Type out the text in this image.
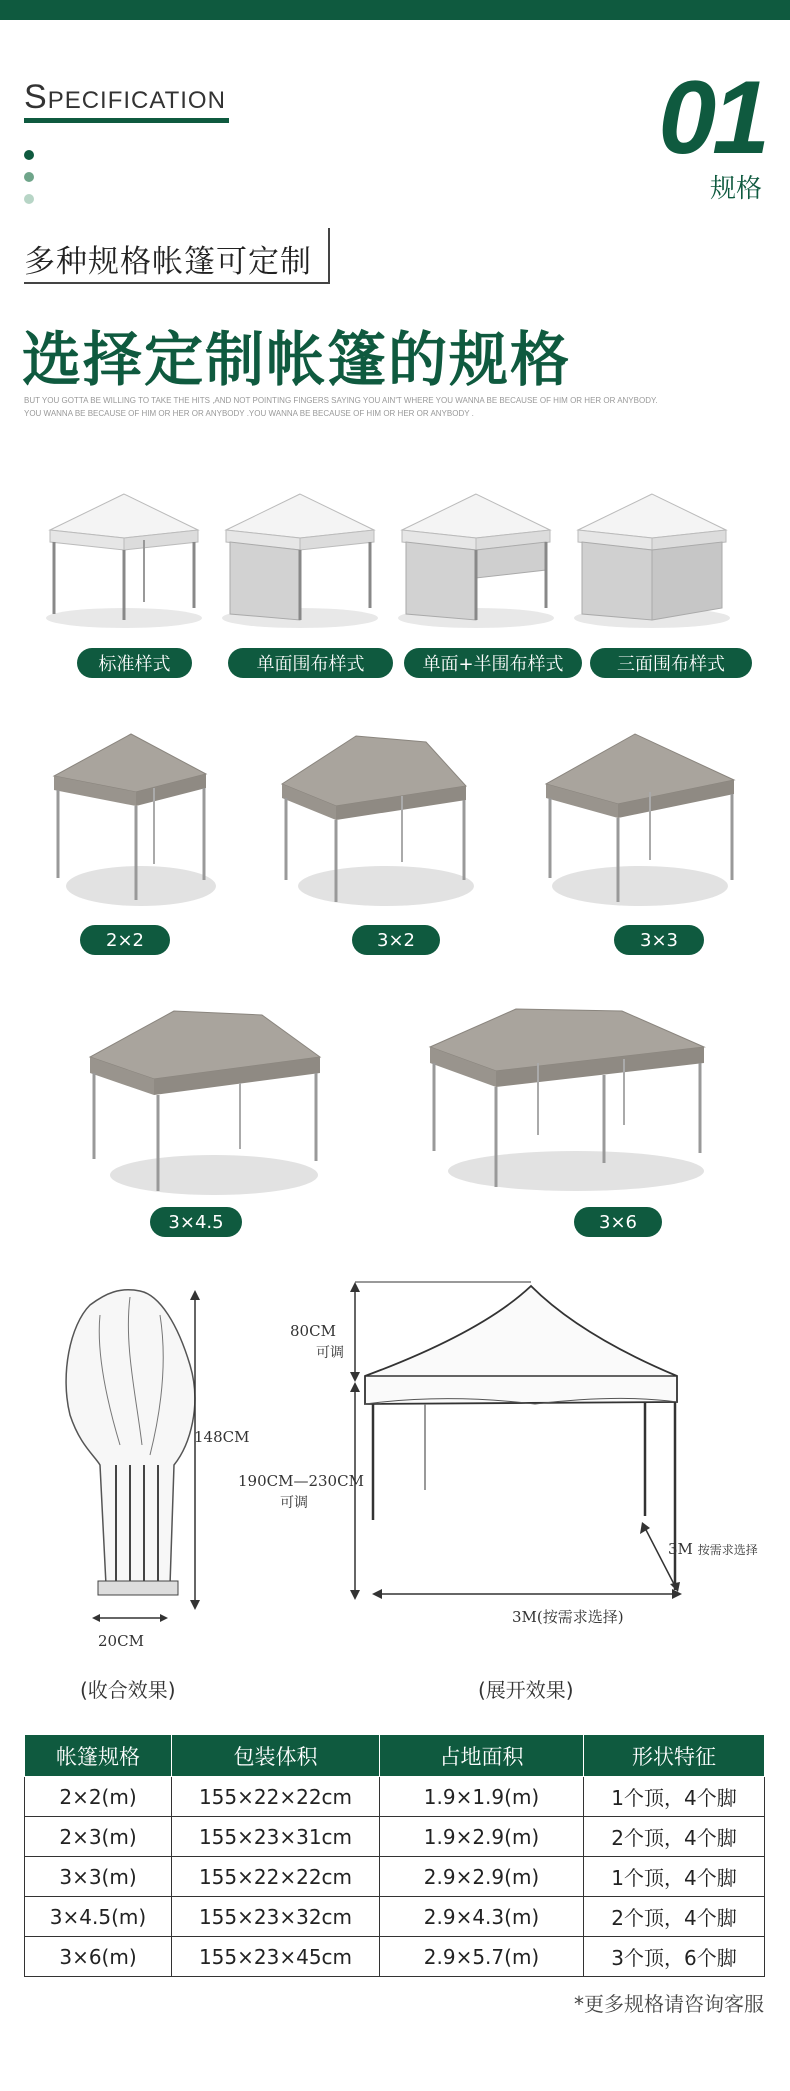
SPECIFICATION	01
规格
多种规格帐篷可定制
选择定制帐篷的规格
BUT YOU GOTTA BE WILLING TO TAKE THE HITS ,AND NOT POINTING FINGERS SAYING YOU AIN'T WHERE YOU WANNA BE BECAUSE OF HIM OR HER OR ANYBODY.
YOU WANNA BE BECAUSE OF HIM OR HER OR ANYBODY .YOU WANNA BE BECAUSE OF HIM OR HER OR ANYBODY .
标准样式	单面围布样式	单面+半围布样式	三面围布样式
2×2	3×2	3×3
3×4.5	3×6
148CM
20CM
(收合效果)
80CM
可调
190CM—230CM
可调
3M 按需求选择
3M(按需求选择)
(展开效果)
帐篷规格	包装体积	占地面积	形状特征
2×2(m)	155×22×22cm	1.9×1.9(m)	1个顶，4个脚
2×3(m)	155×23×31cm	1.9×2.9(m)	2个顶，4个脚
3×3(m)	155×22×22cm	2.9×2.9(m)	1个顶，4个脚
3×4.5(m)	155×23×32cm	2.9×4.3(m)	2个顶，4个脚
3×6(m)	155×23×45cm	2.9×5.7(m)	3个顶，6个脚
*更多规格请咨询客服
